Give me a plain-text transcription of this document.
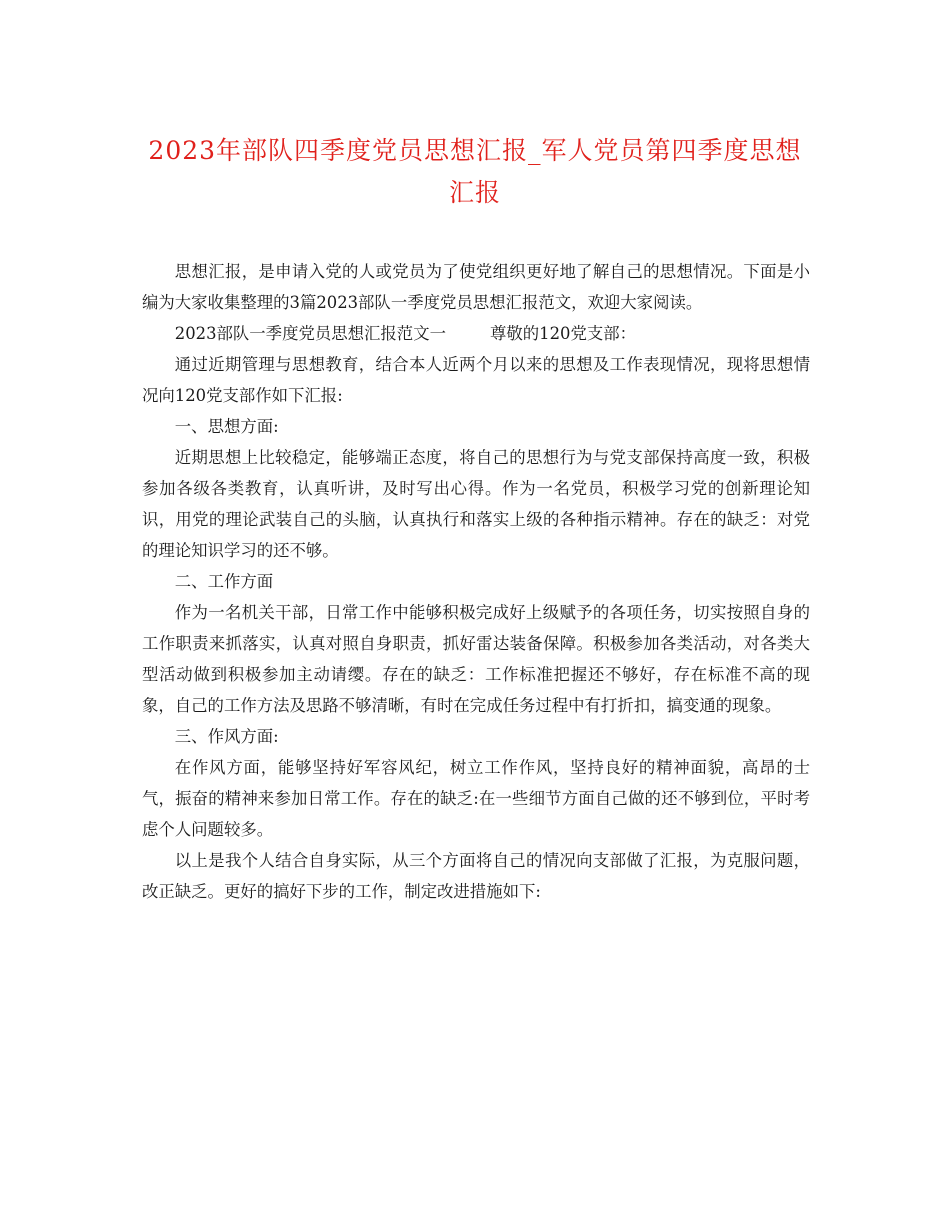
2023年部队四季度党员思想汇报_军人党员第四季度思想汇报

思想汇报，是申请入党的人或党员为了使党组织更好地了解自己的思想情况。下面是小编为大家收集整理的3篇2023部队一季度党员思想汇报范文，欢迎大家阅读。

2023部队一季度党员思想汇报范文一	尊敬的120党支部：

通过近期管理与思想教育，结合本人近两个月以来的思想及工作表现情况，现将思想情况向120党支部作如下汇报:

一、思想方面:

近期思想上比较稳定，能够端正态度，将自己的思想行为与党支部保持高度一致，积极参加各级各类教育，认真听讲，及时写出心得。作为一名党员，积极学习党的创新理论知识，用党的理论武装自己的头脑，认真执行和落实上级的各种指示精神。存在的缺乏：对党的理论知识学习的还不够。

二、工作方面

作为一名机关干部，日常工作中能够积极完成好上级赋予的各项任务，切实按照自身的工作职责来抓落实，认真对照自身职责，抓好雷达装备保障。积极参加各类活动，对各类大型活动做到积极参加主动请缨。存在的缺乏：工作标准把握还不够好，存在标准不高的现象，自己的工作方法及思路不够清晰，有时在完成任务过程中有打折扣，搞变通的现象。

三、作风方面:

在作风方面，能够坚持好军容风纪，树立工作作风，坚持良好的精神面貌，高昂的士气，振奋的精神来参加日常工作。存在的缺乏:在一些细节方面自己做的还不够到位，平时考虑个人问题较多。

以上是我个人结合自身实际，从三个方面将自己的情况向支部做了汇报，为克服问题，改正缺乏。更好的搞好下步的工作，制定改进措施如下:
